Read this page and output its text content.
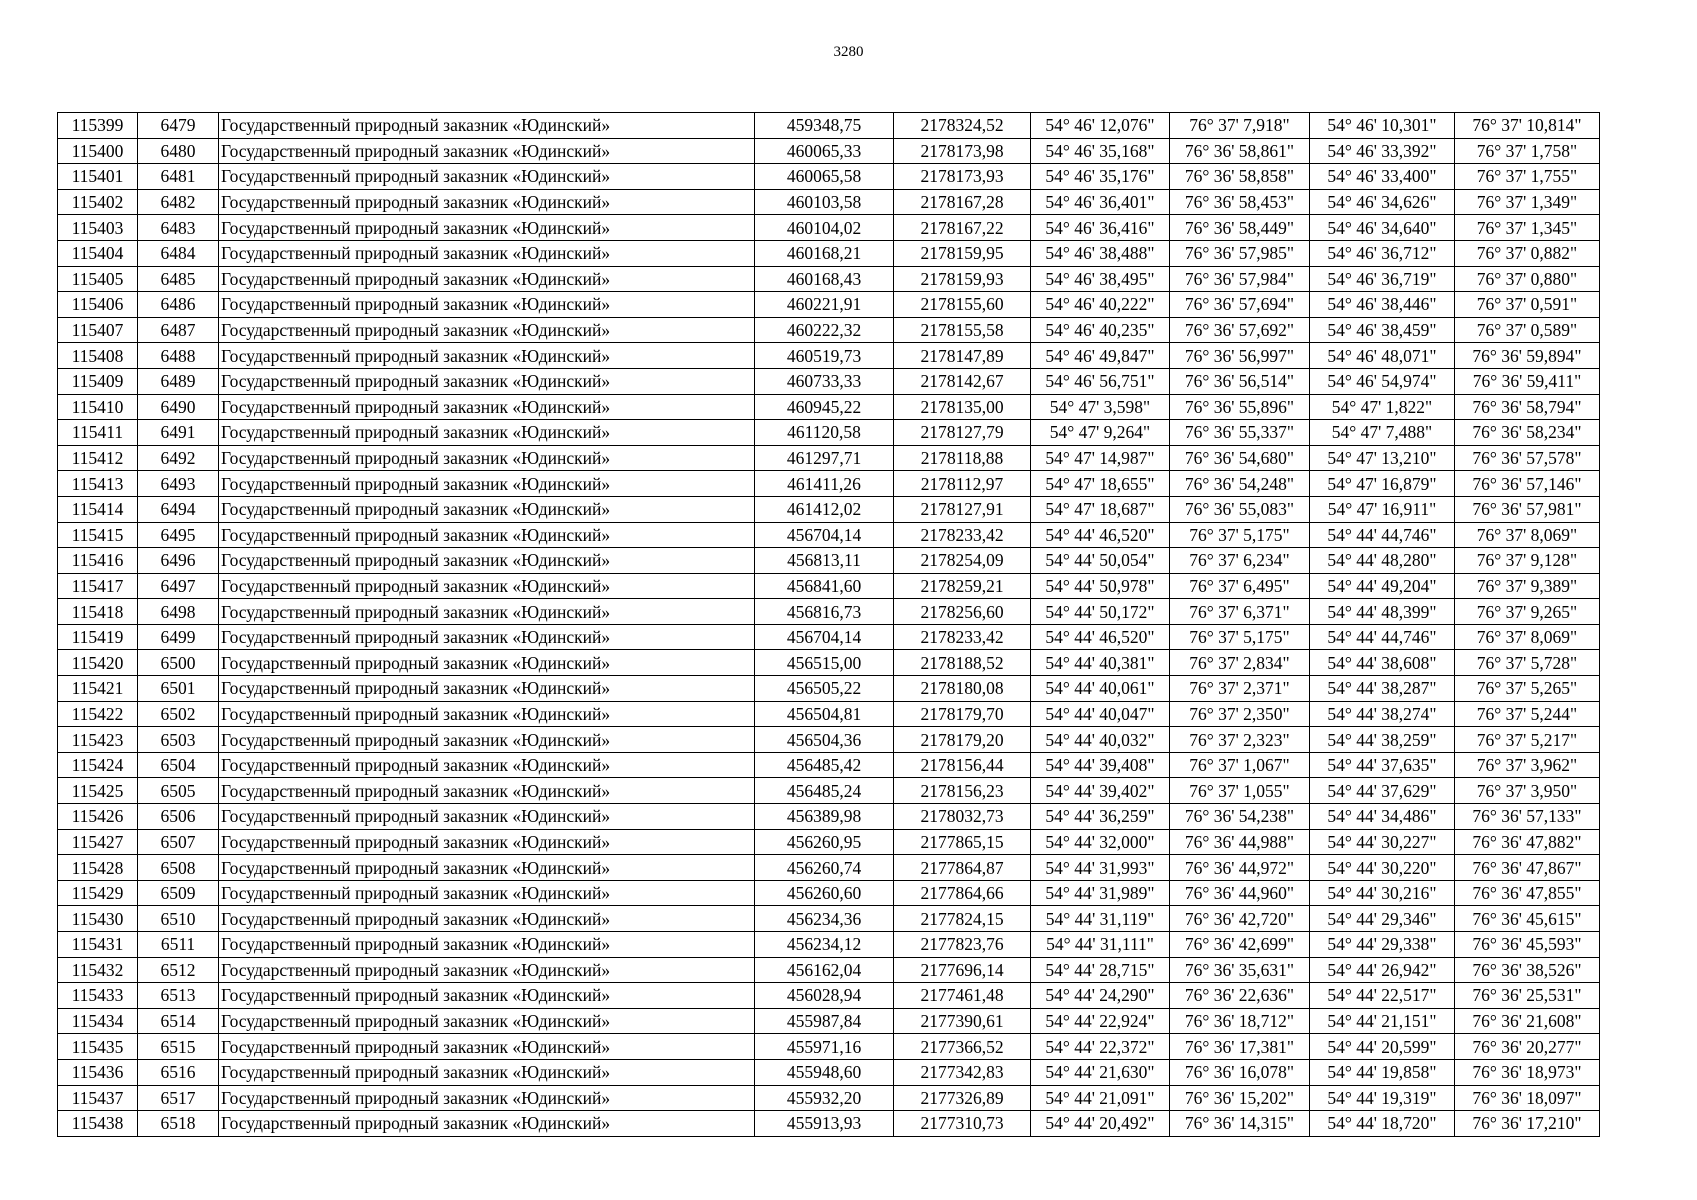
3280
115399	6479	Государственный природный заказник «Юдинский»	459348,75	2178324,52	54° 46' 12,076"	76° 37' 7,918"	54° 46' 10,301"	76° 37' 10,814"
115400	6480	Государственный природный заказник «Юдинский»	460065,33	2178173,98	54° 46' 35,168"	76° 36' 58,861"	54° 46' 33,392"	76° 37' 1,758"
115401	6481	Государственный природный заказник «Юдинский»	460065,58	2178173,93	54° 46' 35,176"	76° 36' 58,858"	54° 46' 33,400"	76° 37' 1,755"
115402	6482	Государственный природный заказник «Юдинский»	460103,58	2178167,28	54° 46' 36,401"	76° 36' 58,453"	54° 46' 34,626"	76° 37' 1,349"
115403	6483	Государственный природный заказник «Юдинский»	460104,02	2178167,22	54° 46' 36,416"	76° 36' 58,449"	54° 46' 34,640"	76° 37' 1,345"
115404	6484	Государственный природный заказник «Юдинский»	460168,21	2178159,95	54° 46' 38,488"	76° 36' 57,985"	54° 46' 36,712"	76° 37' 0,882"
115405	6485	Государственный природный заказник «Юдинский»	460168,43	2178159,93	54° 46' 38,495"	76° 36' 57,984"	54° 46' 36,719"	76° 37' 0,880"
115406	6486	Государственный природный заказник «Юдинский»	460221,91	2178155,60	54° 46' 40,222"	76° 36' 57,694"	54° 46' 38,446"	76° 37' 0,591"
115407	6487	Государственный природный заказник «Юдинский»	460222,32	2178155,58	54° 46' 40,235"	76° 36' 57,692"	54° 46' 38,459"	76° 37' 0,589"
115408	6488	Государственный природный заказник «Юдинский»	460519,73	2178147,89	54° 46' 49,847"	76° 36' 56,997"	54° 46' 48,071"	76° 36' 59,894"
115409	6489	Государственный природный заказник «Юдинский»	460733,33	2178142,67	54° 46' 56,751"	76° 36' 56,514"	54° 46' 54,974"	76° 36' 59,411"
115410	6490	Государственный природный заказник «Юдинский»	460945,22	2178135,00	54° 47' 3,598"	76° 36' 55,896"	54° 47' 1,822"	76° 36' 58,794"
115411	6491	Государственный природный заказник «Юдинский»	461120,58	2178127,79	54° 47' 9,264"	76° 36' 55,337"	54° 47' 7,488"	76° 36' 58,234"
115412	6492	Государственный природный заказник «Юдинский»	461297,71	2178118,88	54° 47' 14,987"	76° 36' 54,680"	54° 47' 13,210"	76° 36' 57,578"
115413	6493	Государственный природный заказник «Юдинский»	461411,26	2178112,97	54° 47' 18,655"	76° 36' 54,248"	54° 47' 16,879"	76° 36' 57,146"
115414	6494	Государственный природный заказник «Юдинский»	461412,02	2178127,91	54° 47' 18,687"	76° 36' 55,083"	54° 47' 16,911"	76° 36' 57,981"
115415	6495	Государственный природный заказник «Юдинский»	456704,14	2178233,42	54° 44' 46,520"	76° 37' 5,175"	54° 44' 44,746"	76° 37' 8,069"
115416	6496	Государственный природный заказник «Юдинский»	456813,11	2178254,09	54° 44' 50,054"	76° 37' 6,234"	54° 44' 48,280"	76° 37' 9,128"
115417	6497	Государственный природный заказник «Юдинский»	456841,60	2178259,21	54° 44' 50,978"	76° 37' 6,495"	54° 44' 49,204"	76° 37' 9,389"
115418	6498	Государственный природный заказник «Юдинский»	456816,73	2178256,60	54° 44' 50,172"	76° 37' 6,371"	54° 44' 48,399"	76° 37' 9,265"
115419	6499	Государственный природный заказник «Юдинский»	456704,14	2178233,42	54° 44' 46,520"	76° 37' 5,175"	54° 44' 44,746"	76° 37' 8,069"
115420	6500	Государственный природный заказник «Юдинский»	456515,00	2178188,52	54° 44' 40,381"	76° 37' 2,834"	54° 44' 38,608"	76° 37' 5,728"
115421	6501	Государственный природный заказник «Юдинский»	456505,22	2178180,08	54° 44' 40,061"	76° 37' 2,371"	54° 44' 38,287"	76° 37' 5,265"
115422	6502	Государственный природный заказник «Юдинский»	456504,81	2178179,70	54° 44' 40,047"	76° 37' 2,350"	54° 44' 38,274"	76° 37' 5,244"
115423	6503	Государственный природный заказник «Юдинский»	456504,36	2178179,20	54° 44' 40,032"	76° 37' 2,323"	54° 44' 38,259"	76° 37' 5,217"
115424	6504	Государственный природный заказник «Юдинский»	456485,42	2178156,44	54° 44' 39,408"	76° 37' 1,067"	54° 44' 37,635"	76° 37' 3,962"
115425	6505	Государственный природный заказник «Юдинский»	456485,24	2178156,23	54° 44' 39,402"	76° 37' 1,055"	54° 44' 37,629"	76° 37' 3,950"
115426	6506	Государственный природный заказник «Юдинский»	456389,98	2178032,73	54° 44' 36,259"	76° 36' 54,238"	54° 44' 34,486"	76° 36' 57,133"
115427	6507	Государственный природный заказник «Юдинский»	456260,95	2177865,15	54° 44' 32,000"	76° 36' 44,988"	54° 44' 30,227"	76° 36' 47,882"
115428	6508	Государственный природный заказник «Юдинский»	456260,74	2177864,87	54° 44' 31,993"	76° 36' 44,972"	54° 44' 30,220"	76° 36' 47,867"
115429	6509	Государственный природный заказник «Юдинский»	456260,60	2177864,66	54° 44' 31,989"	76° 36' 44,960"	54° 44' 30,216"	76° 36' 47,855"
115430	6510	Государственный природный заказник «Юдинский»	456234,36	2177824,15	54° 44' 31,119"	76° 36' 42,720"	54° 44' 29,346"	76° 36' 45,615"
115431	6511	Государственный природный заказник «Юдинский»	456234,12	2177823,76	54° 44' 31,111"	76° 36' 42,699"	54° 44' 29,338"	76° 36' 45,593"
115432	6512	Государственный природный заказник «Юдинский»	456162,04	2177696,14	54° 44' 28,715"	76° 36' 35,631"	54° 44' 26,942"	76° 36' 38,526"
115433	6513	Государственный природный заказник «Юдинский»	456028,94	2177461,48	54° 44' 24,290"	76° 36' 22,636"	54° 44' 22,517"	76° 36' 25,531"
115434	6514	Государственный природный заказник «Юдинский»	455987,84	2177390,61	54° 44' 22,924"	76° 36' 18,712"	54° 44' 21,151"	76° 36' 21,608"
115435	6515	Государственный природный заказник «Юдинский»	455971,16	2177366,52	54° 44' 22,372"	76° 36' 17,381"	54° 44' 20,599"	76° 36' 20,277"
115436	6516	Государственный природный заказник «Юдинский»	455948,60	2177342,83	54° 44' 21,630"	76° 36' 16,078"	54° 44' 19,858"	76° 36' 18,973"
115437	6517	Государственный природный заказник «Юдинский»	455932,20	2177326,89	54° 44' 21,091"	76° 36' 15,202"	54° 44' 19,319"	76° 36' 18,097"
115438	6518	Государственный природный заказник «Юдинский»	455913,93	2177310,73	54° 44' 20,492"	76° 36' 14,315"	54° 44' 18,720"	76° 36' 17,210"
